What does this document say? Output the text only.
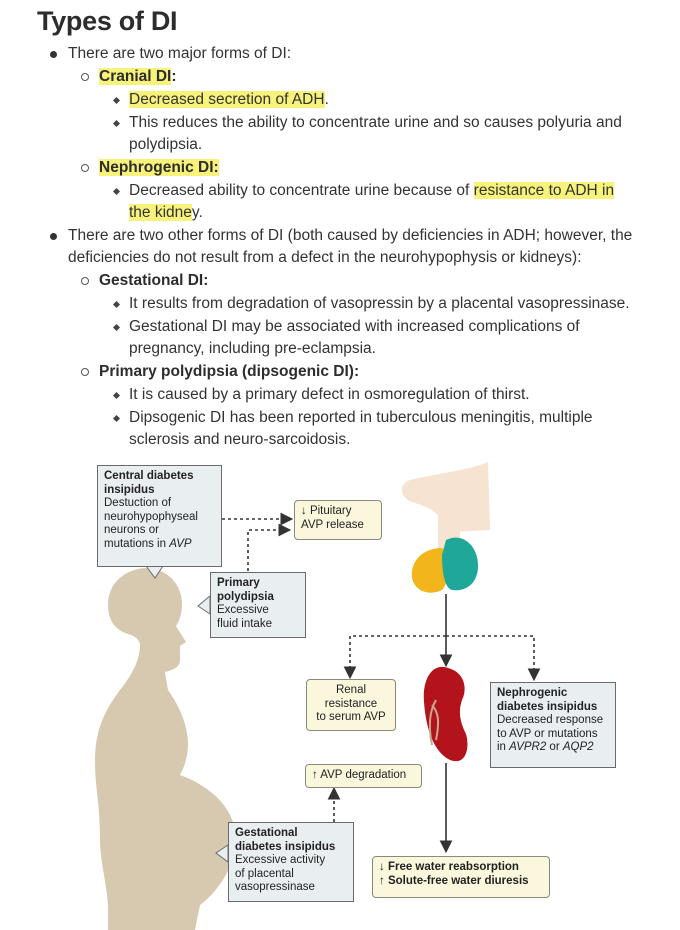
Types of DI
There are two major forms of DI:
Cranial DI:
Decreased secretion of ADH.
This reduces the ability to concentrate urine and so causes polyuria and
polydipsia.
Nephrogenic DI:
Decreased ability to concentrate urine because of resistance to ADH in
the kidney.
There are two other forms of DI (both caused by deficiencies in ADH; however, the
deficiencies do not result from a defect in the neurohypophysis or kidneys):
Gestational DI:
It results from degradation of vasopressin by a placental vasopressinase.
Gestational DI may be associated with increased complications of
pregnancy, including pre-eclampsia.
Primary polydipsia (dipsogenic DI):
It is caused by a primary defect in osmoregulation of thirst.
Dipsogenic DI has been reported in tuberculous meningitis, multiple
sclerosis and neuro-sarcoidosis.
Central diabetes
insipidus
Destuction of
neurohypophyseal
neurons or
mutations in AVP
↓ Pituitary
AVP release
Primary
polydipsia
Excessive
fluid intake
Renal
resistance
to serum AVP
Nephrogenic
diabetes insipidus
Decreased response
to AVP or mutations
in AVPR2 or AQP2
↑ AVP degradation
Gestational
diabetes insipidus
Excessive activity
of placental
vasopressinase
↓ Free water reabsorption
↑ Solute-free water diuresis
